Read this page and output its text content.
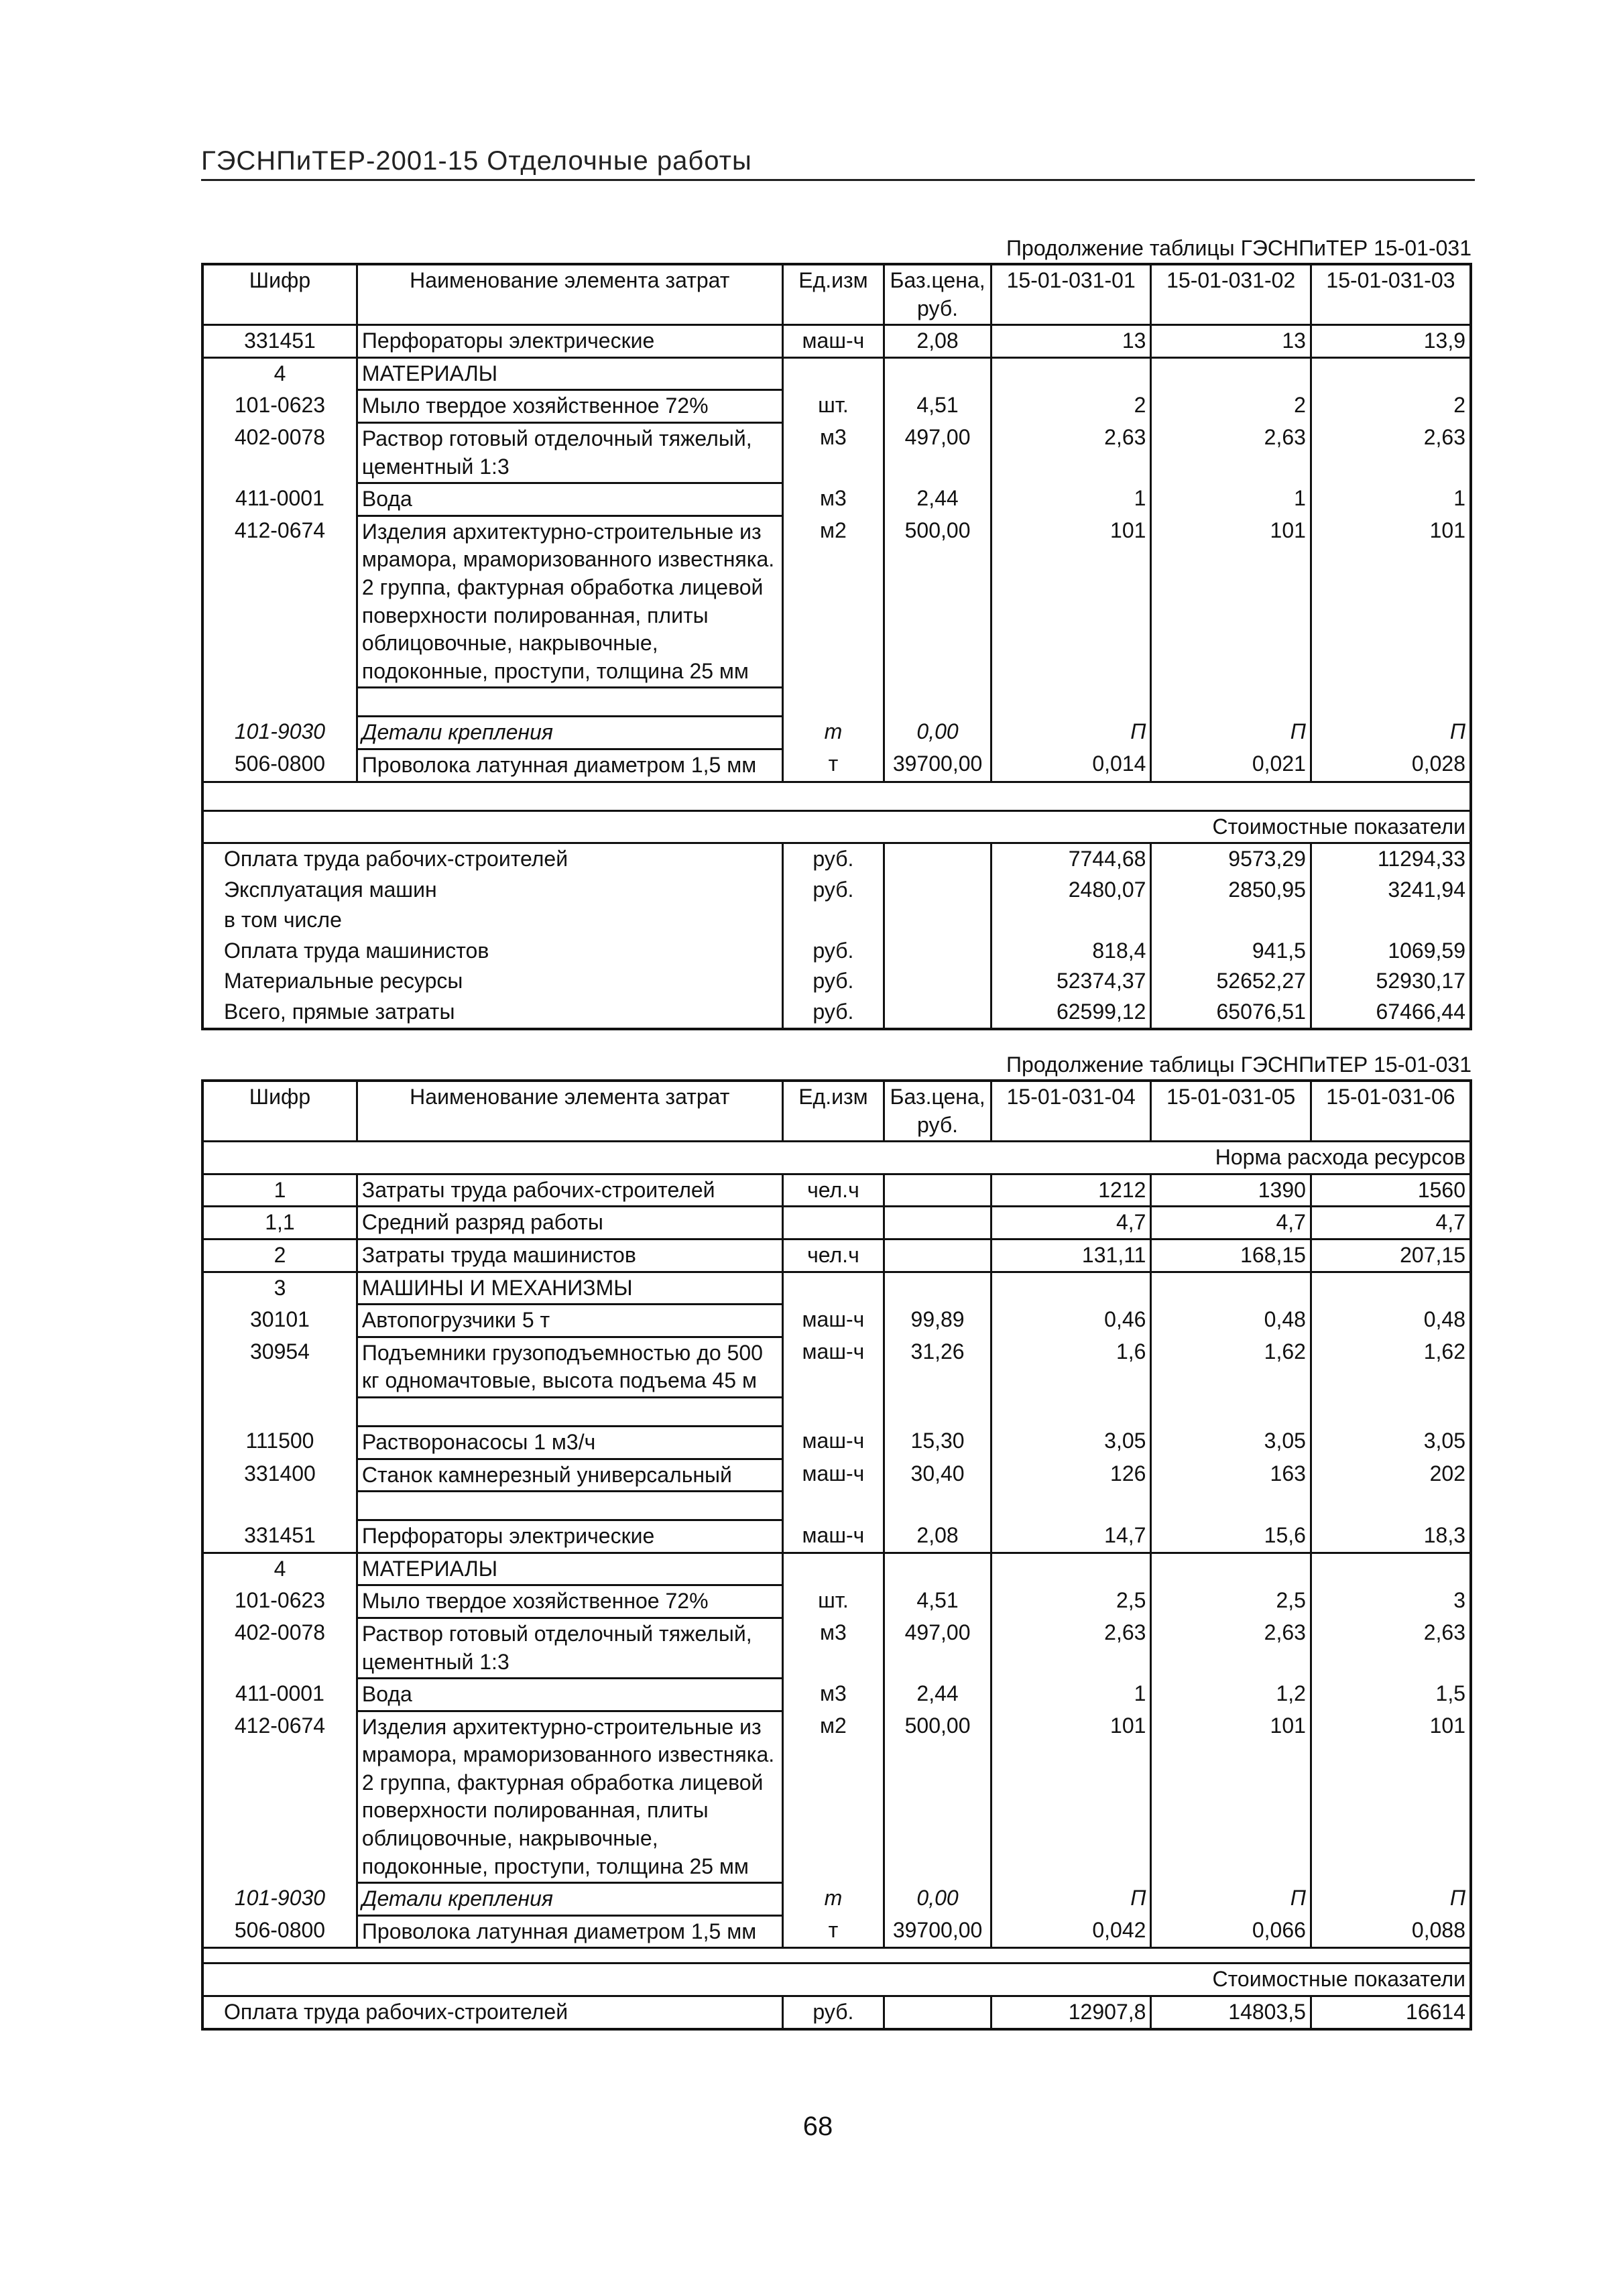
ГЭСНПиТЕР-2001-15 Отделочные работы
Продолжение таблицы ГЭСНПиТЕР 15-01-031
Шифр	Наименование элемента затрат	Ед.изм	Баз.цена, руб.	15-01-031-01	15-01-031-02	15-01-031-03
331451	Перфораторы электрические	маш-ч	2,08	13	13	13,9
4	МАТЕРИАЛЫ					
101-0623	Мыло твердое хозяйственное 72%	шт.	4,51	2	2	2
402-0078	Раствор готовый отделочный тяжелый, цементный 1:3	м3	497,00	2,63	2,63	2,63
411-0001	Вода	м3	2,44	1	1	1
412-0674	Изделия архитектурно-строительные из мрамора, мраморизованного известняка. 2 группа, фактурная обработка лицевой поверхности полированная, плиты облицовочные, накрывочные, подоконные, проступи, толщина 25 мм	м2	500,00	101	101	101

101-9030	Детали крепления	т	0,00	П	П	П
506-0800	Проволока латунная диаметром 1,5 мм	т	39700,00	0,014	0,021	0,028

Стоимостные показатели						
Оплата труда рабочих-строителей		руб.		7744,68	9573,29	11294,33
Эксплуатация машин		руб.		2480,07	2850,95	3241,94
в том числе						
Оплата труда машинистов		руб.		818,4	941,5	1069,59
Материальные ресурсы		руб.		52374,37	52652,27	52930,17
Всего, прямые затраты		руб.		62599,12	65076,51	67466,44
Продолжение таблицы ГЭСНПиТЕР 15-01-031
Шифр	Наименование элемента затрат	Ед.изм	Баз.цена, руб.	15-01-031-04	15-01-031-05	15-01-031-06
Норма расхода ресурсов						
1	Затраты труда рабочих-строителей	чел.ч		1212	1390	1560
1,1	Средний разряд работы			4,7	4,7	4,7
2	Затраты труда машинистов	чел.ч		131,11	168,15	207,15
3	МАШИНЫ И МЕХАНИЗМЫ					
30101	Автопогрузчики 5 т	маш-ч	99,89	0,46	0,48	0,48
30954	Подъемники грузоподъемностью до 500 кг одномачтовые, высота подъема 45 м	маш-ч	31,26	1,6	1,62	1,62

111500	Растворонасосы 1 м3/ч	маш-ч	15,30	3,05	3,05	3,05
331400	Станок камнерезный универсальный	маш-ч	30,40	126	163	202

331451	Перфораторы электрические	маш-ч	2,08	14,7	15,6	18,3
4	МАТЕРИАЛЫ					
101-0623	Мыло твердое хозяйственное 72%	шт.	4,51	2,5	2,5	3
402-0078	Раствор готовый отделочный тяжелый, цементный 1:3	м3	497,00	2,63	2,63	2,63
411-0001	Вода	м3	2,44	1	1,2	1,5
412-0674	Изделия архитектурно-строительные из мрамора, мраморизованного известняка. 2 группа, фактурная обработка лицевой поверхности полированная, плиты облицовочные, накрывочные, подоконные, проступи, толщина 25 мм	м2	500,00	101	101	101
101-9030	Детали крепления	т	0,00	П	П	П
506-0800	Проволока латунная диаметром 1,5 мм	т	39700,00	0,042	0,066	0,088

Стоимостные показатели						
Оплата труда рабочих-строителей		руб.		12907,8	14803,5	16614
68
